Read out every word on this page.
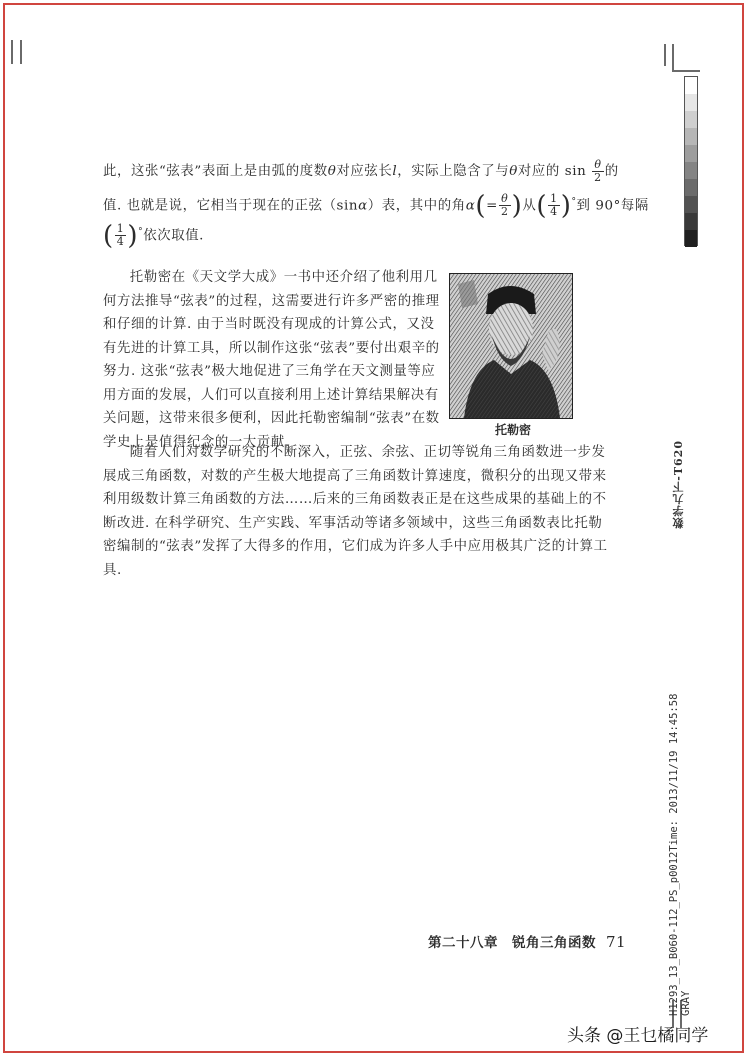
此，这张“弦表”表面上是由弧的度数θ对应弦长l，实际上隐含了与θ对应的 $\sin \frac{\theta}{2}$ 的
值. 也就是说，它相当于现在的正弦（sinα）表，其中的角$\alpha(= \frac{\theta}{2}$ )从( $\frac{1}{4} )^\circ$到 90°每隔
( $\frac{1}{4} )^\circ$依次取值.

托勒密在《天文学大成》一书中还介绍了他利用几何方法推导“弦表”的过程，这需要进行许多严密的推理和仔细的计算. 由于当时既没有现成的计算公式，又没有先进的计算工具，所以制作这张“弦表”要付出艰辛的努力. 这张“弦表”极大地促进了三角学在天文测量等应用方面的发展，人们可以直接利用上述计算结果解决有关问题，这带来很多便利，因此托勒密编制“弦表”在数学史上是值得纪念的一大贡献.

托勒密

随着人们对数学研究的不断深入，正弦、余弦、正切等锐角三角函数进一步发展成三角函数，对数的产生极大地提高了三角函数计算速度，微积分的出现又带来利用级数计算三角函数的方法……后来的三角函数表正是在这些成果的基础上的不断改进. 在科学研究、生产实践、军事活动等诸多领域中，这些三角函数表比托勒密编制的“弦表”发挥了大得多的作用，它们成为许多人手中应用极其广泛的计算工具.

第二十八章　锐角三角函数 71
数学九下-T620
H1293_13_B060-112_PS_p0012Time: 2013/11/19 14:45:58
GRAY
头条 @王乜橘同学
